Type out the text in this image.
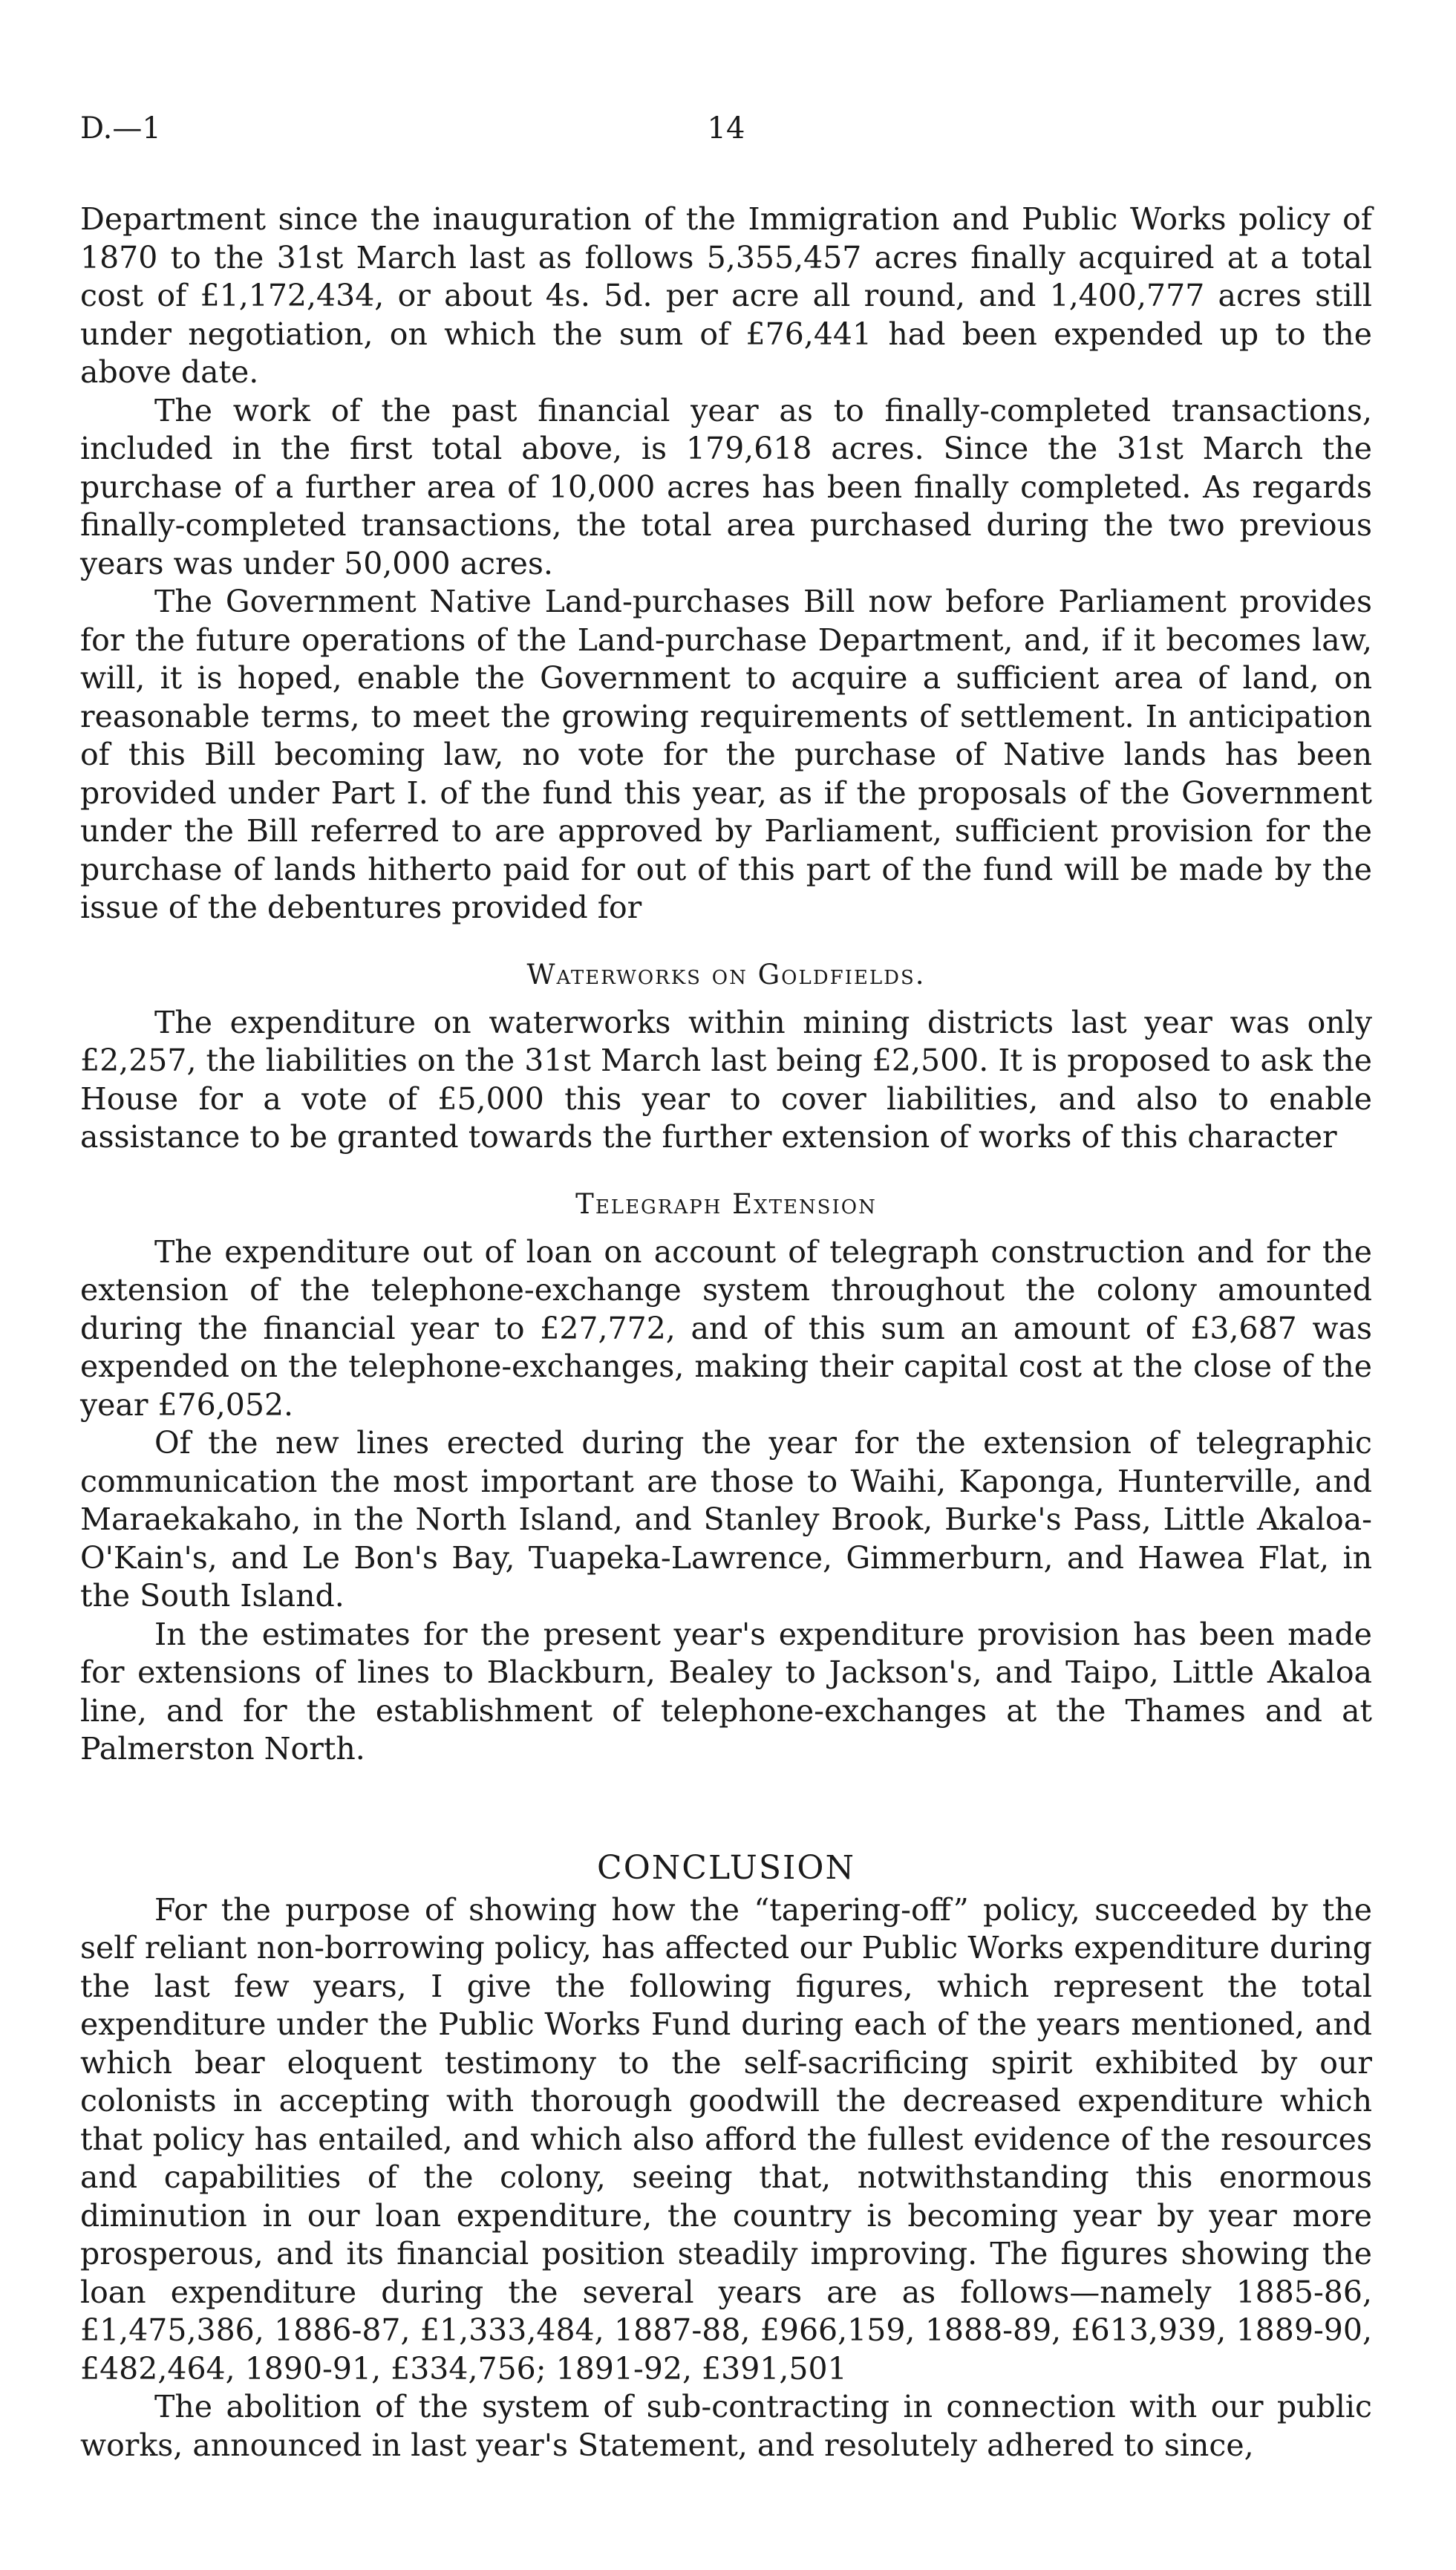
D.—1	14

Department since the inauguration of the Immigration and Public Works policy of 1870 to the 31st March last as follows 5,355,457 acres finally acquired at a total cost of £1,172,434, or about 4s. 5d. per acre all round, and 1,400,777 acres still under negotiation, on which the sum of £76,441 had been expended up to the above date.

The work of the past financial year as to finally-completed transactions, included in the first total above, is 179,618 acres. Since the 31st March the purchase of a further area of 10,000 acres has been finally completed. As regards finally-completed transactions, the total area purchased during the two previous years was under 50,000 acres.

The Government Native Land-purchases Bill now before Parliament provides for the future operations of the Land-purchase Department, and, if it becomes law, will, it is hoped, enable the Government to acquire a sufficient area of land, on reasonable terms, to meet the growing requirements of settlement. In anticipation of this Bill becoming law, no vote for the purchase of Native lands has been provided under Part I. of the fund this year, as if the proposals of the Government under the Bill referred to are approved by Parliament, sufficient provision for the purchase of lands hitherto paid for out of this part of the fund will be made by the issue of the debentures provided for

Waterworks on Goldfields.

The expenditure on waterworks within mining districts last year was only £2,257, the liabilities on the 31st March last being £2,500. It is proposed to ask the House for a vote of £5,000 this year to cover liabilities, and also to enable assistance to be granted towards the further extension of works of this character

Telegraph Extension

The expenditure out of loan on account of telegraph construction and for the extension of the telephone-exchange system throughout the colony amounted during the financial year to £27,772, and of this sum an amount of £3,687 was expended on the telephone-exchanges, making their capital cost at the close of the year £76,052.

Of the new lines erected during the year for the extension of telegraphic communication the most important are those to Waihi, Kaponga, Hunterville, and Maraekakaho, in the North Island, and Stanley Brook, Burke's Pass, Little Akaloa-O'Kain's, and Le Bon's Bay, Tuapeka-Lawrence, Gimmerburn, and Hawea Flat, in the South Island.

In the estimates for the present year's expenditure provision has been made for extensions of lines to Blackburn, Bealey to Jackson's, and Taipo, Little Akaloa line, and for the establishment of telephone-exchanges at the Thames and at Palmerston North.

CONCLUSION

For the purpose of showing how the “tapering-off” policy, succeeded by the self reliant non-borrowing policy, has affected our Public Works expenditure during the last few years, I give the following figures, which represent the total expenditure under the Public Works Fund during each of the years mentioned, and which bear eloquent testimony to the self-sacrificing spirit exhibited by our colonists in accepting with thorough goodwill the decreased expenditure which that policy has entailed, and which also afford the fullest evidence of the resources and capabilities of the colony, seeing that, notwithstanding this enormous diminution in our loan expenditure, the country is becoming year by year more prosperous, and its financial position steadily improving. The figures showing the loan expenditure during the several years are as follows—namely 1885-86, £1,475,386, 1886-87, £1,333,484, 1887-88, £966,159, 1888-89, £613,939, 1889-90, £482,464, 1890-91, £334,756; 1891-92, £391,501

The abolition of the system of sub-contracting in connection with our public works, announced in last year's Statement, and resolutely adhered to since,
